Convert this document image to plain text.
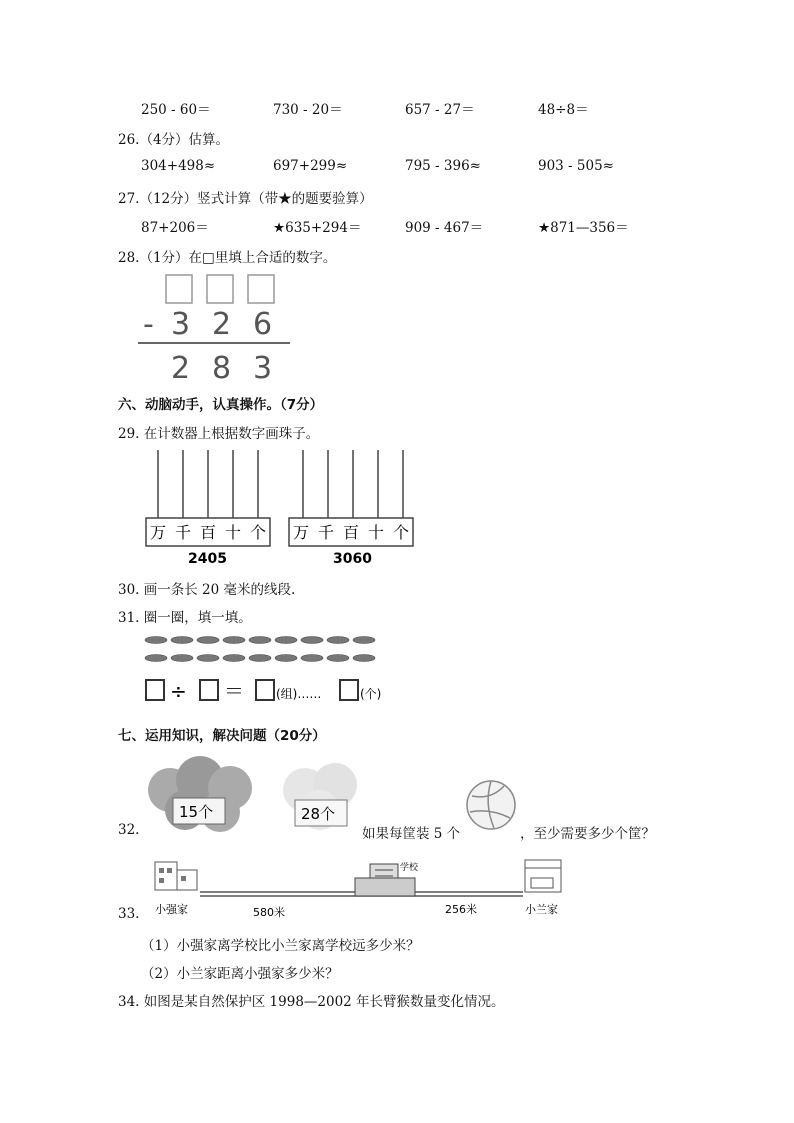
250 - 60＝	730 - 20＝	657 - 27＝	48÷8＝
26.（4分）估算。
304+498≈	697+299≈	795 - 396≈	903 - 505≈
27.（12分）竖式计算（带★的题要验算）
87+206＝	★635+294＝	909 - 467＝	★871—356＝
28.（1分）在□里填上合适的数字。
- 3 2 6
2 8 3
六、动脑动手，认真操作。（7分）
29. 在计数器上根据数字画珠子。
万 千 百 十 个
2405
万 千 百 十 个
3060
30. 画一条长 20 毫米的线段.
31. 圈一圈，填一填。
÷ ＝	(组)……	(个)
七、运用知识，解决问题（20分）
15个	28个
32.	如果每筐装 5 个	，至少需要多少个筐？
学校
小强家	580米	256米	小兰家
33.
（1）小强家离学校比小兰家离学校远多少米？
（2）小兰家距离小强家多少米？
34. 如图是某自然保护区 1998—2002 年长臂猴数量变化情况。
